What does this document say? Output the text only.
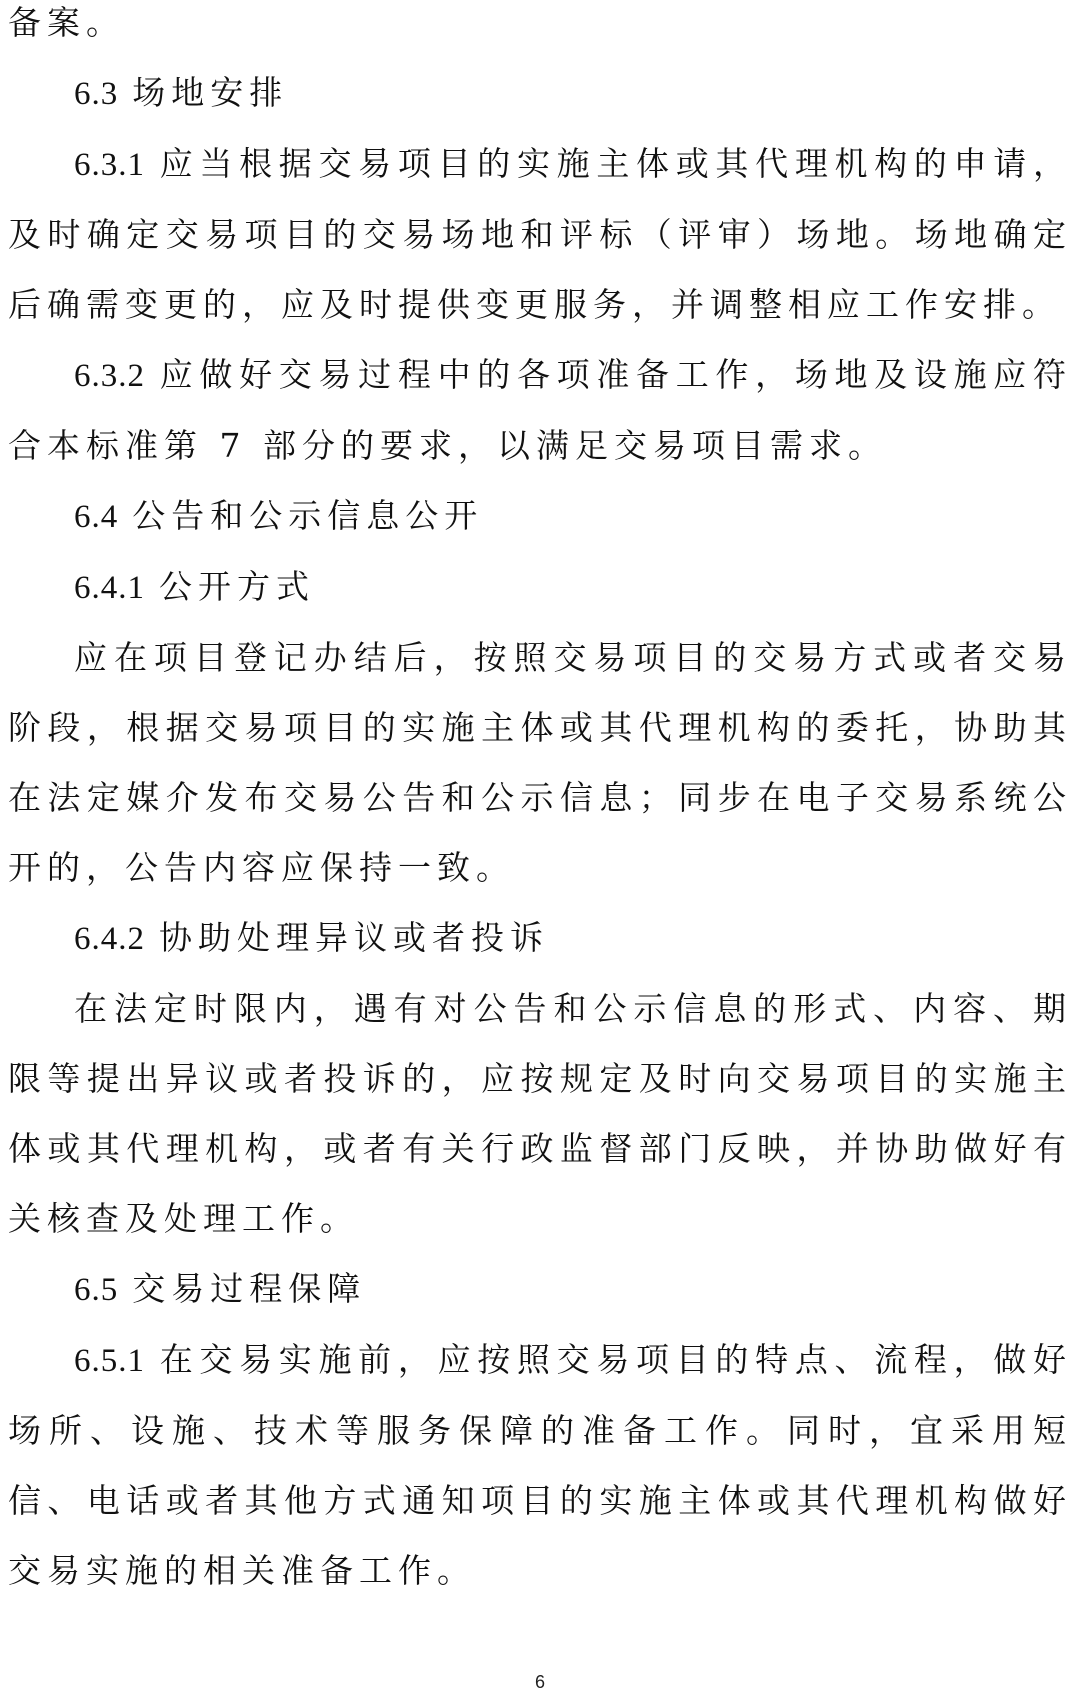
备案。

6.3 场地安排

6.3.1 应当根据交易项目的实施主体或其代理机构的申请，及时确定交易项目的交易场地和评标（评审）场地。场地确定后确需变更的，应及时提供变更服务，并调整相应工作安排。

6.3.2 应做好交易过程中的各项准备工作，场地及设施应符合本标准第 7 部分的要求，以满足交易项目需求。

6.4 公告和公示信息公开

6.4.1 公开方式

应在项目登记办结后，按照交易项目的交易方式或者交易阶段，根据交易项目的实施主体或其代理机构的委托，协助其在法定媒介发布交易公告和公示信息；同步在电子交易系统公开的，公告内容应保持一致。

6.4.2 协助处理异议或者投诉

在法定时限内，遇有对公告和公示信息的形式、内容、期限等提出异议或者投诉的，应按规定及时向交易项目的实施主体或其代理机构，或者有关行政监督部门反映，并协助做好有关核查及处理工作。

6.5 交易过程保障

6.5.1 在交易实施前，应按照交易项目的特点、流程，做好场所、设施、技术等服务保障的准备工作。同时，宜采用短信、电话或者其他方式通知项目的实施主体或其代理机构做好交易实施的相关准备工作。

6
